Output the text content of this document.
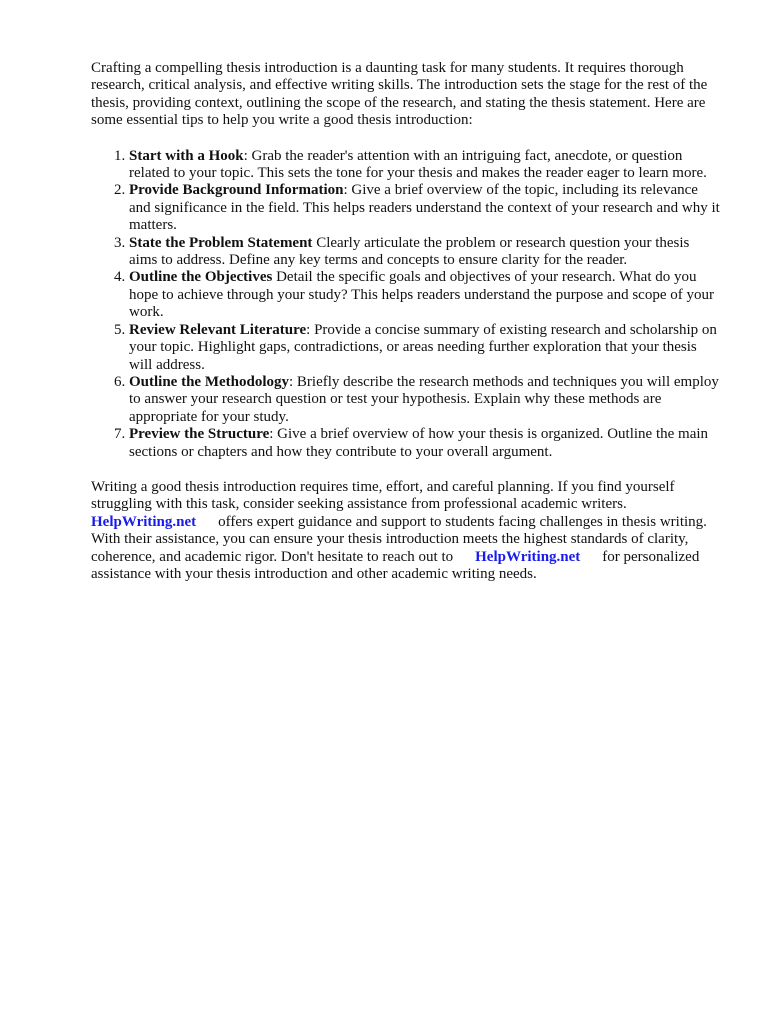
Crafting a compelling thesis introduction is a daunting task for many students. It requires thorough research, critical analysis, and effective writing skills. The introduction sets the stage for the rest of the thesis, providing context, outlining the scope of the research, and stating the thesis statement. Here are some essential tips to help you write a good thesis introduction:

1. Start with a Hook: Grab the reader's attention with an intriguing fact, anecdote, or question related to your topic. This sets the tone for your thesis and makes the reader eager to learn more.
2. Provide Background Information: Give a brief overview of the topic, including its relevance and significance in the field. This helps readers understand the context of your research and why it matters.
3. State the Problem Statement Clearly articulate the problem or research question your thesis aims to address. Define any key terms and concepts to ensure clarity for the reader.
4. Outline the Objectives Detail the specific goals and objectives of your research. What do you hope to achieve through your study? This helps readers understand the purpose and scope of your work.
5. Review Relevant Literature: Provide a concise summary of existing research and scholarship on your topic. Highlight gaps, contradictions, or areas needing further exploration that your thesis will address.
6. Outline the Methodology: Briefly describe the research methods and techniques you will employ to answer your research question or test your hypothesis. Explain why these methods are appropriate for your study.
7. Preview the Structure: Give a brief overview of how your thesis is organized. Outline the main sections or chapters and how they contribute to your overall argument.

Writing a good thesis introduction requires time, effort, and careful planning. If you find yourself struggling with this task, consider seeking assistance from professional academic writers.
HelpWriting.net offers expert guidance and support to students facing challenges in thesis writing. With their assistance, you can ensure your thesis introduction meets the highest standards of clarity, coherence, and academic rigor. Don't hesitate to reach out to HelpWriting.net for personalized assistance with your thesis introduction and other academic writing needs.
